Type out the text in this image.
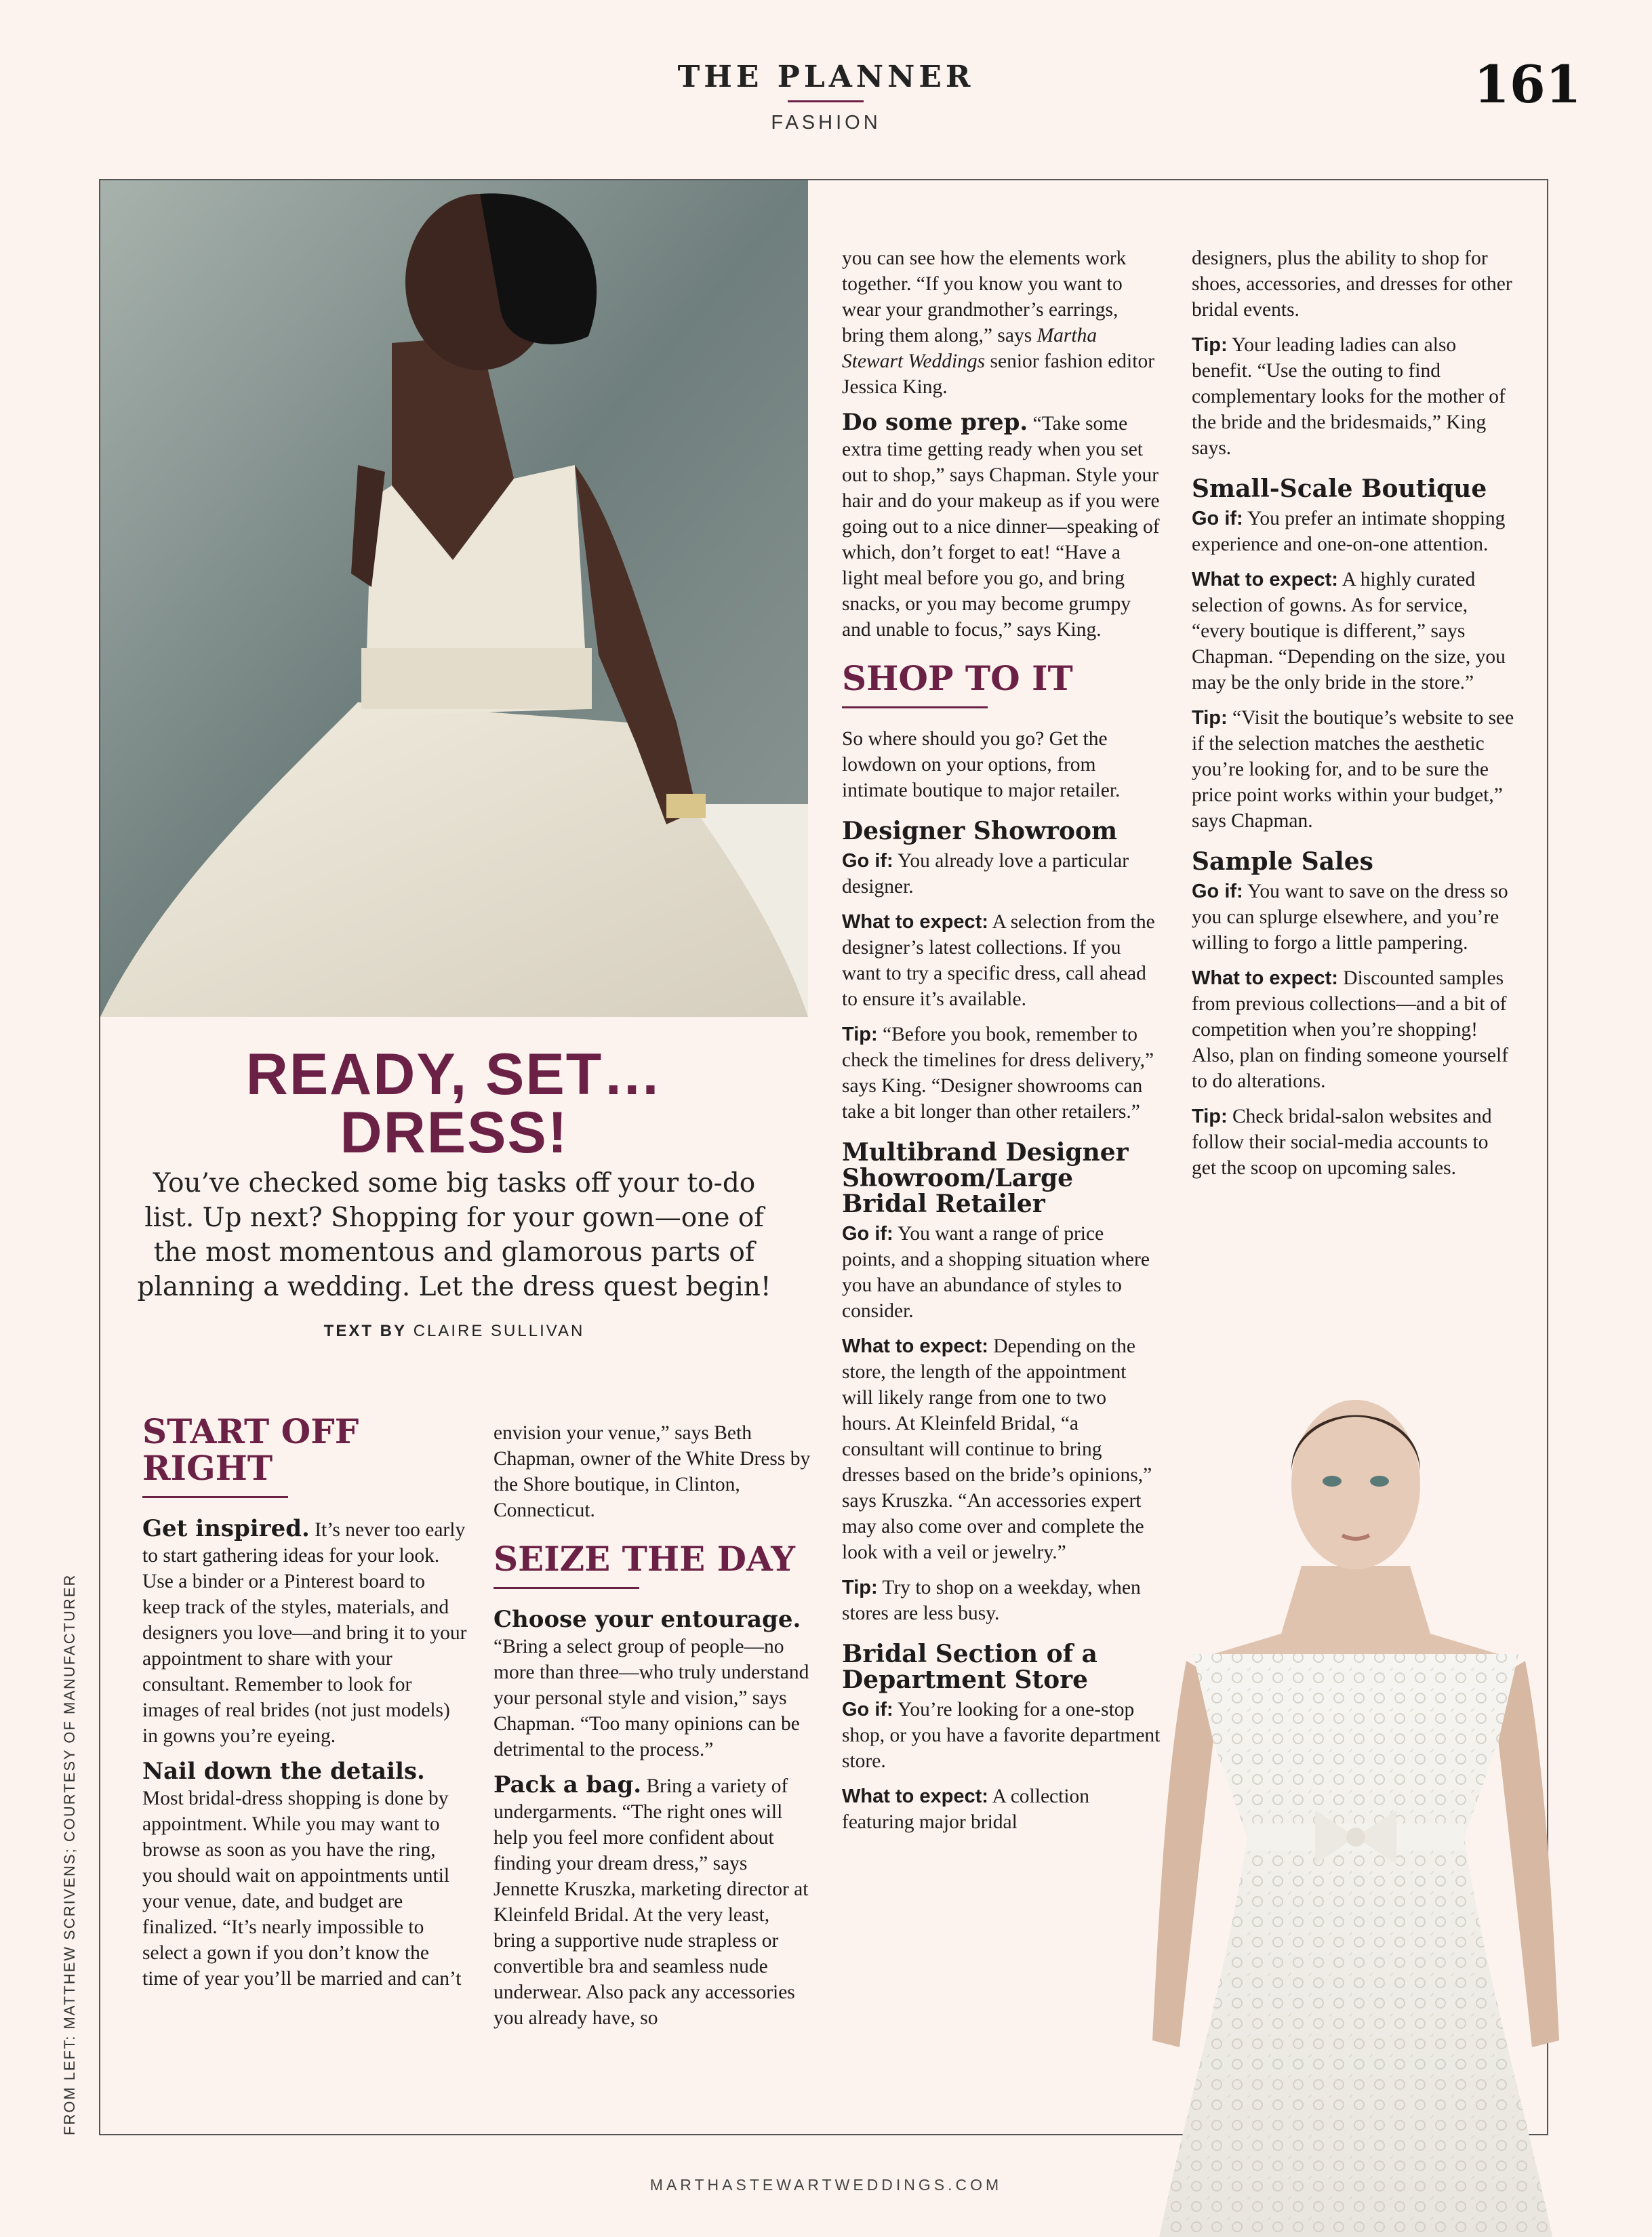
THE PLANNER
FASHION
161
READY, SET…
DRESS!
You’ve checked some big tasks off your to-do list. Up next? Shopping for your gown—one of the most momentous and glamorous parts of planning a wedding. Let the dress quest begin!
TEXT BY CLAIRE SULLIVAN
START OFF RIGHT

Get inspired. It’s never too early to start gathering ideas for your look. Use a binder or a Pinterest board to keep track of the styles, materials, and designers you love—and bring it to your appointment to share with your consultant. Remember to look for images of real brides (not just models) in gowns you’re eyeing.

Nail down the details. Most bridal-dress shopping is done by appointment. While you may want to browse as soon as you have the ring, you should wait on appointments until your venue, date, and budget are finalized. “It’s nearly impossible to select a gown if you don’t know the time of year you’ll be married and can’t

envision your venue,” says Beth Chapman, owner of the White Dress by the Shore boutique, in Clinton, Connecticut.

SEIZE THE DAY

Choose your entourage. “Bring a select group of people—no more than three—who truly understand your personal style and vision,” says Chapman. “Too many opinions can be detrimental to the process.”

Pack a bag. Bring a variety of undergarments. “The right ones will help you feel more confident about finding your dream dress,” says Jennette Kruszka, marketing director at Kleinfeld Bridal. At the very least, bring a supportive nude strapless or convertible bra and seamless nude underwear. Also pack any accessories you already have, so

you can see how the elements work together. “If you know you want to wear your grandmother’s earrings, bring them along,” says Martha Stewart Weddings senior fashion editor Jessica King.

Do some prep. “Take some extra time getting ready when you set out to shop,” says Chapman. Style your hair and do your makeup as if you were going out to a nice dinner—speaking of which, don’t forget to eat! “Have a light meal before you go, and bring snacks, or you may become grumpy and unable to focus,” says King.

SHOP TO IT

So where should you go? Get the lowdown on your options, from intimate boutique to major retailer.

Designer Showroom

Go if: You already love a particular designer.

What to expect: A selection from the designer’s latest collections. If you want to try a specific dress, call ahead to ensure it’s available.

Tip: “Before you book, remember to check the timelines for dress delivery,” says King. “Designer showrooms can take a bit longer than other retailers.”

Multibrand Designer Showroom/Large Bridal Retailer

Go if: You want a range of price points, and a shopping situation where you have an abundance of styles to consider.

What to expect: Depending on the store, the length of the appointment will likely range from one to two hours. At Kleinfeld Bridal, “a consultant will continue to bring dresses based on the bride’s opinions,” says Kruszka. “An accessories expert may also come over and complete the look with a veil or jewelry.”

Tip: Try to shop on a weekday, when stores are less busy.

Bridal Section of a Department Store

Go if: You’re looking for a one-stop shop, or you have a favorite department store.

What to expect: A collection featuring major bridal

designers, plus the ability to shop for shoes, accessories, and dresses for other bridal events.

Tip: Your leading ladies can also benefit. “Use the outing to find complementary looks for the mother of the bride and the bridesmaids,” King says.

Small-Scale Boutique

Go if: You prefer an intimate shopping experience and one-on-one attention.

What to expect: A highly curated selection of gowns. As for service, “every boutique is different,” says Chapman. “Depending on the size, you may be the only bride in the store.”

Tip: “Visit the boutique’s website to see if the selection matches the aesthetic you’re looking for, and to be sure the price point works within your budget,” says Chapman.

Sample Sales

Go if: You want to save on the dress so you can splurge elsewhere, and you’re willing to forgo a little pampering.

What to expect: Discounted samples from previous collections—and a bit of competition when you’re shopping! Also, plan on finding someone yourself to do alterations.

Tip: Check bridal-salon websites and follow their social-media accounts to get the scoop on upcoming sales.

FROM LEFT: MATTHEW SCRIVENS; COURTESY OF MANUFACTURER
MARTHASTEWARTWEDDINGS.COM
